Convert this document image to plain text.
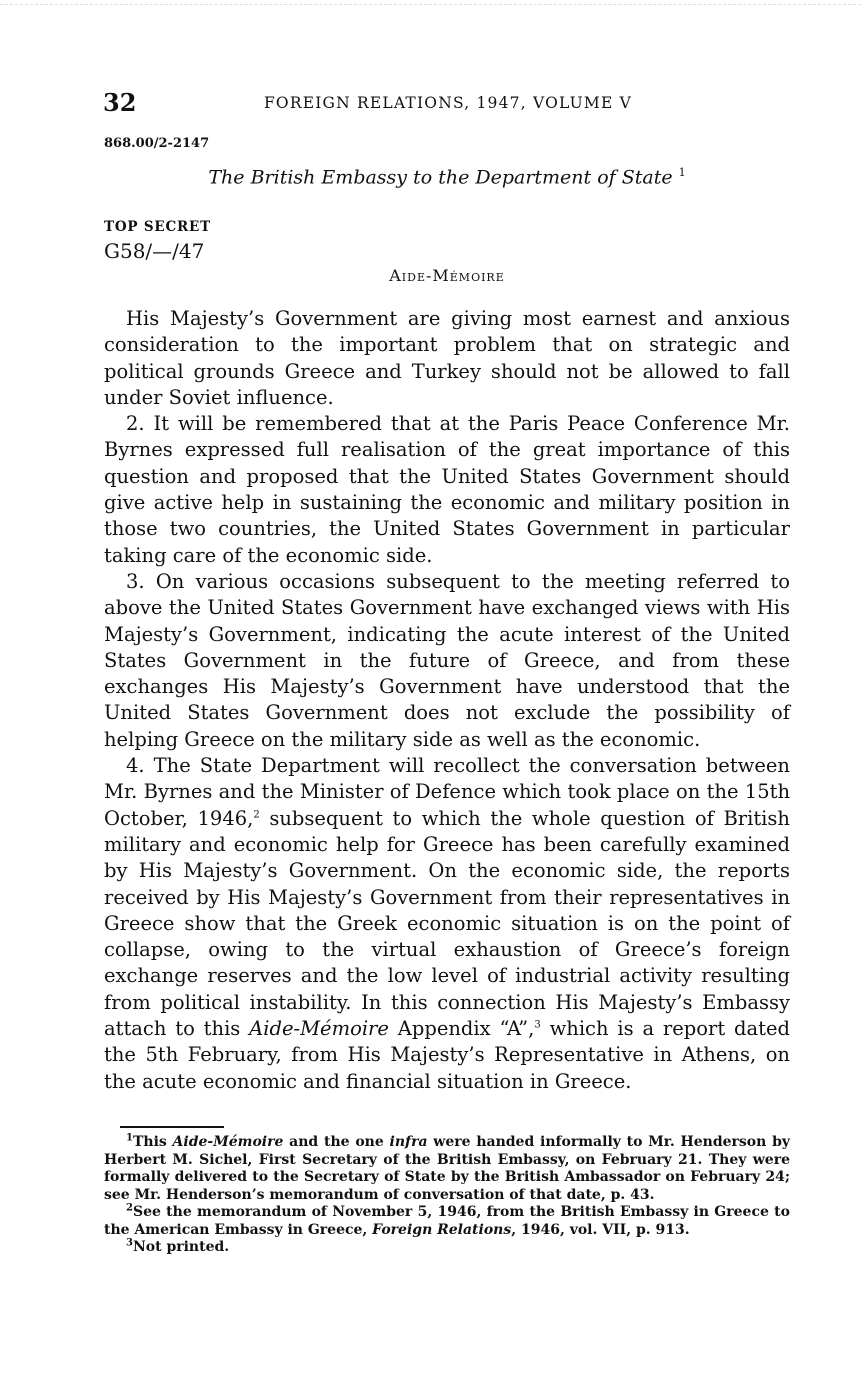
32	FOREIGN RELATIONS, 1947, VOLUME V
868.00/2-2147
The British Embassy to the Department of State $^1$
TOP SECRET
G58/—/47
Aide-Mémoire

His Majesty’s Government are giving most earnest and anxious consideration to the important problem that on strategic and political grounds Greece and Turkey should not be allowed to fall under Soviet influence.

2. It will be remembered that at the Paris Peace Conference Mr. Byrnes expressed full realisation of the great importance of this question and proposed that the United States Government should give active help in sustaining the economic and military position in those two countries, the United States Government in particular taking care of the economic side.

3. On various occasions subsequent to the meeting referred to above the United States Government have exchanged views with His Majesty’s Government, indicating the acute interest of the United States Government in the future of Greece, and from these exchanges His Majesty’s Government have understood that the United States Government does not exclude the possibility of helping Greece on the military side as well as the economic.

4. The State Department will recollect the conversation between Mr. Byrnes and the Minister of Defence which took place on the 15th October, 1946,$^2$ subsequent to which the whole question of British military and economic help for Greece has been carefully examined by His Majesty’s Government. On the economic side, the reports received by His Majesty’s Government from their representatives in Greece show that the Greek economic situation is on the point of collapse, owing to the virtual exhaustion of Greece’s foreign exchange reserves and the low level of industrial activity resulting from political instability. In this connection His Majesty’s Embassy attach to this Aide-Mémoire Appendix “A”,$^3$ which is a report dated the 5th February, from His Majesty’s Representative in Athens, on the acute economic and financial situation in Greece.

$^1$This Aide-Mémoire and the one infra were handed informally to Mr. Henderson by Herbert M. Sichel, First Secretary of the British Embassy, on February 21. They were formally delivered to the Secretary of State by the British Ambassador on February 24; see Mr. Henderson’s memorandum of conversation of that date, p. 43.

$^2$See the memorandum of November 5, 1946, from the British Embassy in Greece to the American Embassy in Greece, Foreign Relations, 1946, vol. VII, p. 913.

$^3$Not printed.
